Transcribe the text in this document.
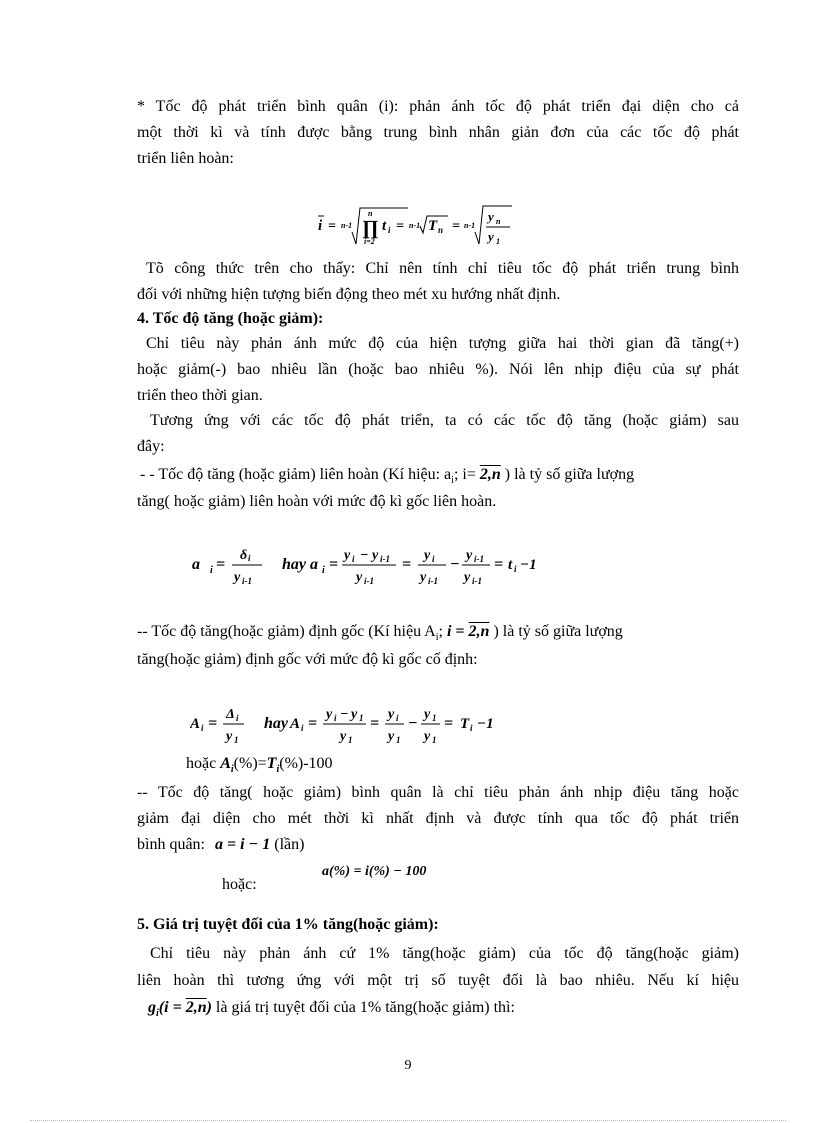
* Tốc độ phát triển bình quân (i): phản ánh tốc độ phát triển đại diện cho cả

một thời kì và tính được bằng trung bình nhân giản đơn của các tốc độ phát

triển liên hoàn:

i = n-1
n
∏
i=2
t i = n-1 T n = n-1
y n
y 1

Tõ công thức trên cho thấy: Chỉ nên tính chỉ tiêu tốc độ phát triển trung bình

đối với những hiện tượng biến động theo mét xu hướng nhất định.

4. Tốc độ tăng (hoặc giảm):

Chỉ tiêu này phản ánh mức độ của hiện tượng giữa hai thời gian đã tăng(+)

hoặc giảm(-) bao nhiêu lần (hoặc bao nhiêu %). Nói lên nhịp điệu của sự phát

triển theo thời gian.

Tương ứng với các tốc độ phát triển, ta có các tốc độ tăng (hoặc giảm) sau

đây:

- - Tốc độ tăng (hoặc giảm) liên hoàn (Kí hiệu: $a_i$; i= 2,n ) là tỷ số giữa lượng

tăng( hoặc giảm) liên hoàn với mức độ kì gốc liên hoàn.

a i =
δ i
y i-1
hay a i =
y i − y i-1
y i-1
=
y i
y i-1
−
y i-1
y i-1
= t i −1

-- Tốc độ tăng(hoặc giảm) định gốc (Kí hiệu $A_i$; i = 2,n ) là tỷ số giữa lượng

tăng(hoặc giảm) định gốc với mức độ kì gốc cố định:

A i =
Δ i
y 1
hay A i =
y i − y 1
y 1
=
y i
y 1
−
y 1
y 1
= T i −1

hoặc $A_i(\%)=T_i(\%)-100$

-- Tốc độ tăng( hoặc giảm) bình quân là chỉ tiêu phản ánh nhịp điệu tăng hoặc

giảm đại diện cho mét thời kì nhất định và được tính qua tốc độ phát triển

bình quân: a = i − 1 (lần)

hoặc:

a(%) = i(%) − 100

5. Giá trị tuyệt đối của 1% tăng(hoặc giảm):

Chỉ tiêu này phản ánh cứ 1% tăng(hoặc giảm) của tốc độ tăng(hoặc giảm)

liên hoàn thì tương ứng với một trị số tuyệt đối là bao nhiêu. Nếu kí hiệu

$g_i(i = 2,n)$ là giá trị tuyệt đối của 1% tăng(hoặc giảm) thì:

9
